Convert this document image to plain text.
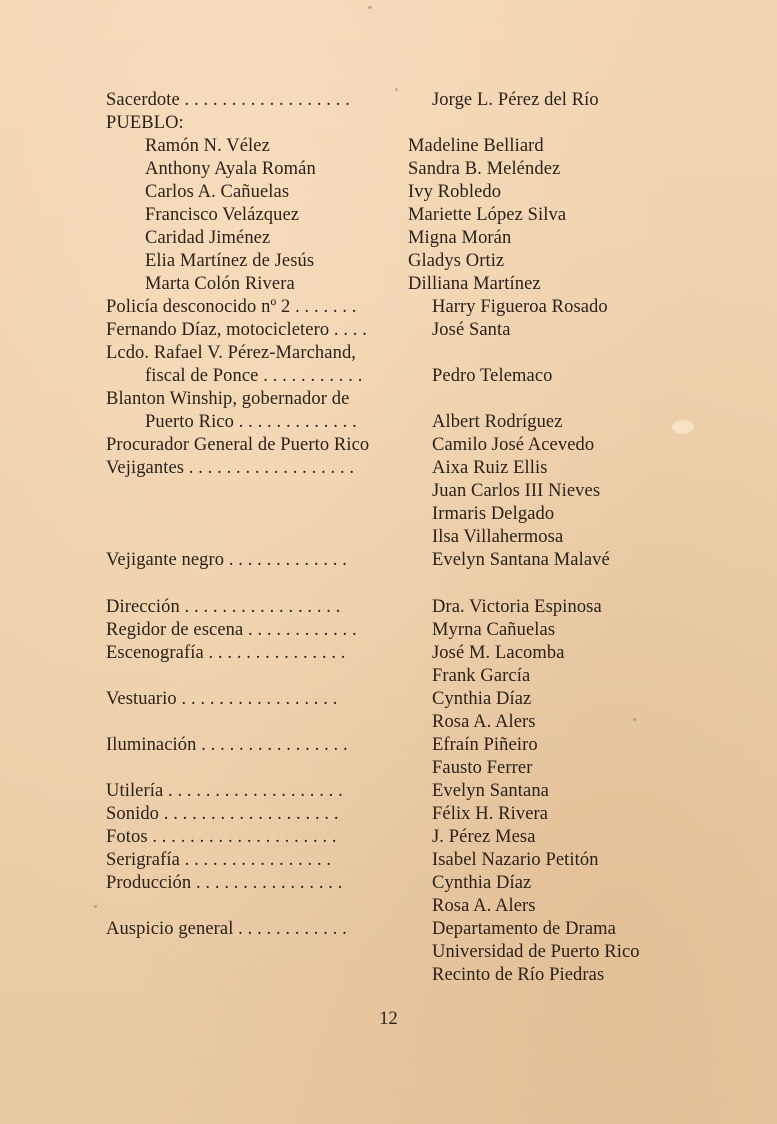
Sacerdote . . . . . . . . . . . . . . . . . .	Jorge L. Pérez del Río
PUEBLO:
Ramón N. Vélez	Madeline Belliard
Anthony Ayala Román	Sandra B. Meléndez
Carlos A. Cañuelas	Ivy Robledo
Francisco Velázquez	Mariette López Silva
Caridad Jiménez	Migna Morán
Elia Martínez de Jesús	Gladys Ortiz
Marta Colón Rivera	Dilliana Martínez
Policía desconocido nº 2 . . . . . . .	Harry Figueroa Rosado
Fernando Díaz, motocicletero . . . .	José Santa
Lcdo. Rafael V. Pérez-Marchand,
fiscal de Ponce . . . . . . . . . . .	Pedro Telemaco
Blanton Winship, gobernador de
Puerto Rico . . . . . . . . . . . . .	Albert Rodríguez
Procurador General de Puerto Rico	Camilo José Acevedo
Vejigantes . . . . . . . . . . . . . . . . . .	Aixa Ruiz Ellis
Juan Carlos III Nieves
Irmaris Delgado
Ilsa Villahermosa
Vejigante negro . . . . . . . . . . . . .	Evelyn Santana Malavé
Dirección . . . . . . . . . . . . . . . . .	Dra. Victoria Espinosa
Regidor de escena . . . . . . . . . . . .	Myrna Cañuelas
Escenografía . . . . . . . . . . . . . . .	José M. Lacomba
Frank García
Vestuario . . . . . . . . . . . . . . . . .	Cynthia Díaz
Rosa A. Alers
Iluminación . . . . . . . . . . . . . . . .	Efraín Piñeiro
Fausto Ferrer
Utilería . . . . . . . . . . . . . . . . . . .	Evelyn Santana
Sonido . . . . . . . . . . . . . . . . . . .	Félix H. Rivera
Fotos . . . . . . . . . . . . . . . . . . . .	J. Pérez Mesa
Serigrafía . . . . . . . . . . . . . . . .	Isabel Nazario Petitón
Producción . . . . . . . . . . . . . . . .	Cynthia Díaz
Rosa A. Alers
Auspicio general . . . . . . . . . . . .	Departamento de Drama
Universidad de Puerto Rico
Recinto de Río Piedras
12
